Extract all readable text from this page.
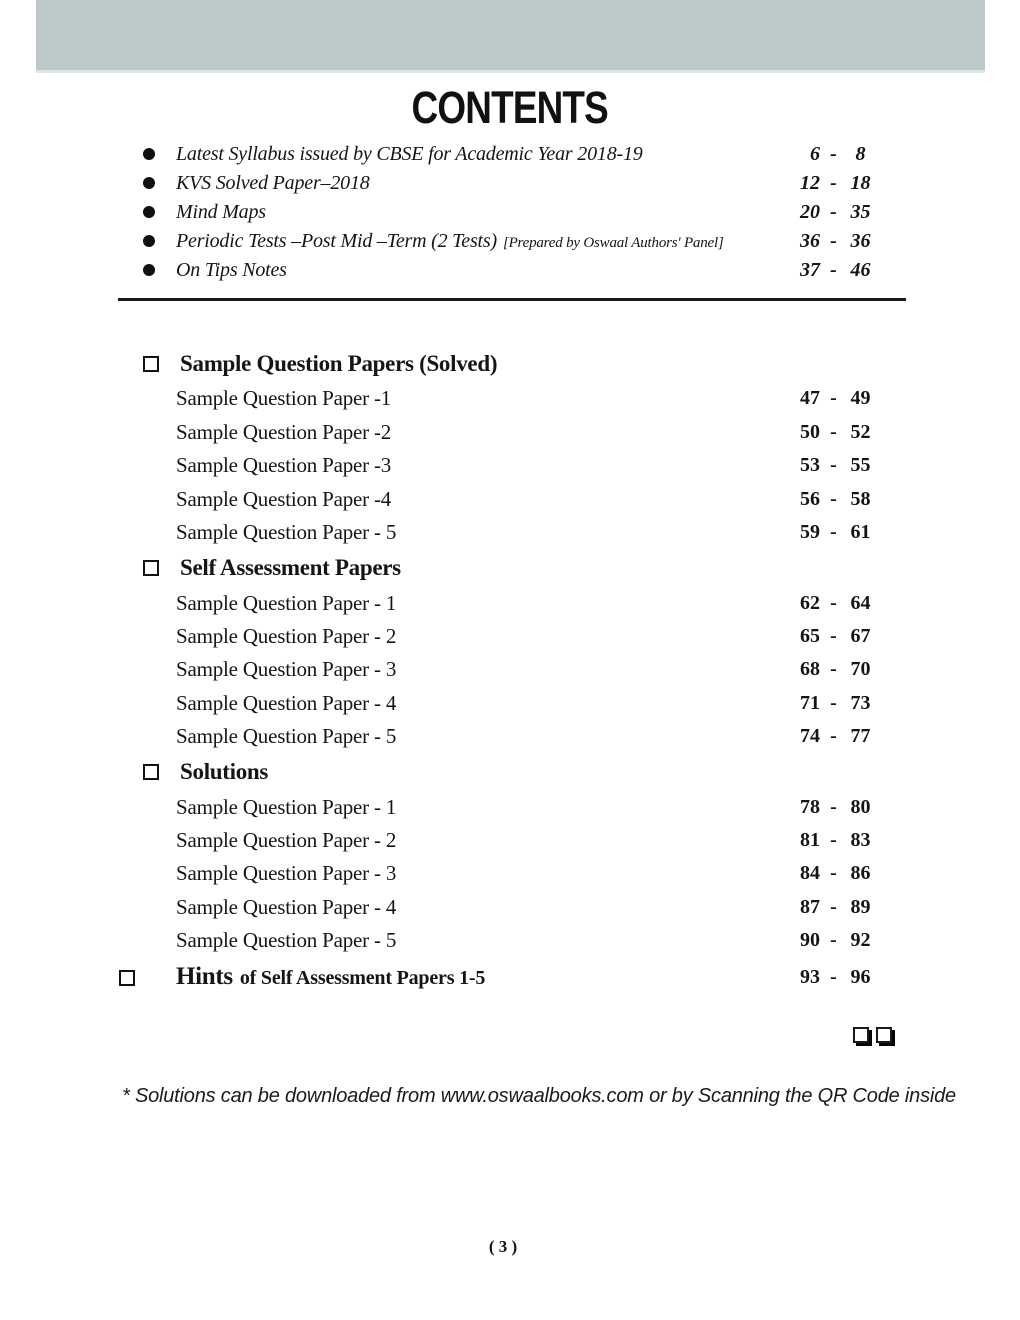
CONTENTS
Latest Syllabus issued by CBSE for Academic Year 2018-19	6 - 8
KVS Solved Paper–2018	12 - 18
Mind Maps	20 - 35
Periodic Tests –Post Mid –Term (2 Tests) [Prepared by Oswaal Authors' Panel]	36 - 36
On Tips Notes	37 - 46
Sample Question Papers (Solved)
Sample Question Paper -1	47 - 49
Sample Question Paper -2	50 - 52
Sample Question Paper -3	53 - 55
Sample Question Paper -4	56 - 58
Sample Question Paper - 5	59 - 61
Self Assessment Papers
Sample Question Paper - 1	62 - 64
Sample Question Paper - 2	65 - 67
Sample Question Paper - 3	68 - 70
Sample Question Paper - 4	71 - 73
Sample Question Paper - 5	74 - 77
Solutions
Sample Question Paper - 1	78 - 80
Sample Question Paper - 2	81 - 83
Sample Question Paper - 3	84 - 86
Sample Question Paper - 4	87 - 89
Sample Question Paper - 5	90 - 92
Hints of Self Assessment Papers 1-5	93 - 96
* Solutions can be downloaded from www.oswaalbooks.com or by Scanning the QR Code inside
( 3 )
